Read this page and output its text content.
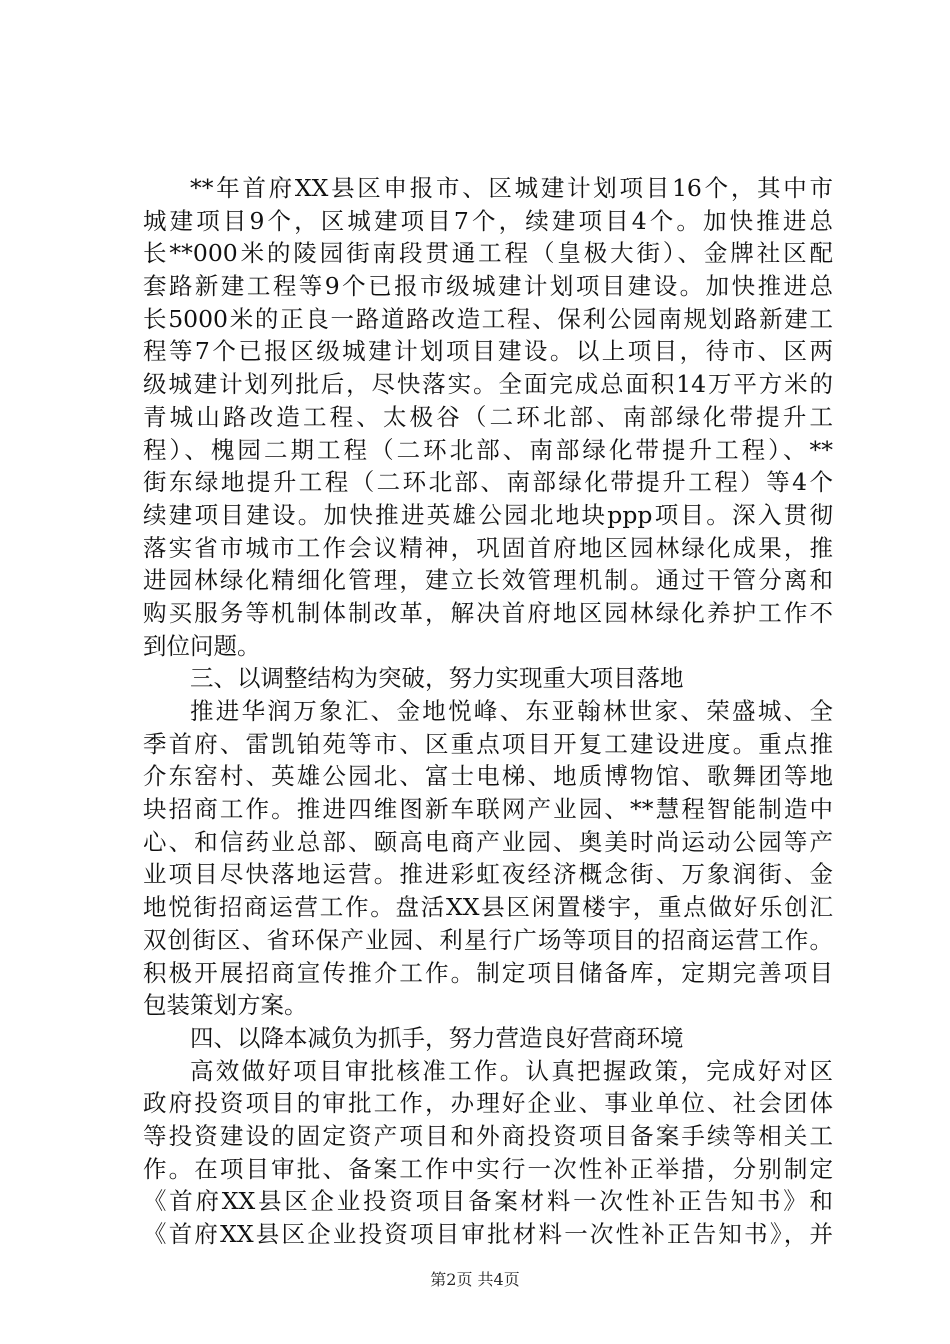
**年首府XX县区申报市、区城建计划项目16个，其中市
城建项目9个，区城建项目7个，续建项目4个。加快推进总
长**000米的陵园街南段贯通工程（皇极大街）、金牌社区配
套路新建工程等9个已报市级城建计划项目建设。加快推进总
长5000米的正良一路道路改造工程、保利公园南规划路新建工
程等7个已报区级城建计划项目建设。以上项目，待市、区两
级城建计划列批后，尽快落实。全面完成总面积14万平方米的
青城山路改造工程、太极谷（二环北部、南部绿化带提升工
程）、槐园二期工程（二环北部、南部绿化带提升工程）、**
街东绿地提升工程（二环北部、南部绿化带提升工程）等4个
续建项目建设。加快推进英雄公园北地块ppp项目。深入贯彻
落实省市城市工作会议精神，巩固首府地区园林绿化成果，推
进园林绿化精细化管理，建立长效管理机制。通过干管分离和
购买服务等机制体制改革，解决首府地区园林绿化养护工作不
到位问题。
三、以调整结构为突破，努力实现重大项目落地
推进华润万象汇、金地悦峰、东亚翰林世家、荣盛城、全
季首府、雷凯铂苑等市、区重点项目开复工建设进度。重点推
介东窑村、英雄公园北、富士电梯、地质博物馆、歌舞团等地
块招商工作。推进四维图新车联网产业园、**慧程智能制造中
心、和信药业总部、颐高电商产业园、奥美时尚运动公园等产
业项目尽快落地运营。推进彩虹夜经济概念街、万象润街、金
地悦街招商运营工作。盘活XX县区闲置楼宇，重点做好乐创汇
双创街区、省环保产业园、利星行广场等项目的招商运营工作。
积极开展招商宣传推介工作。制定项目储备库，定期完善项目
包装策划方案。
四、以降本减负为抓手，努力营造良好营商环境
高效做好项目审批核准工作。认真把握政策，完成好对区
政府投资项目的审批工作，办理好企业、事业单位、社会团体
等投资建设的固定资产项目和外商投资项目备案手续等相关工
作。在项目审批、备案工作中实行一次性补正举措，分别制定
《首府XX县区企业投资项目备案材料一次性补正告知书》和
《首府XX县区企业投资项目审批材料一次性补正告知书》，并
第2页 共4页
